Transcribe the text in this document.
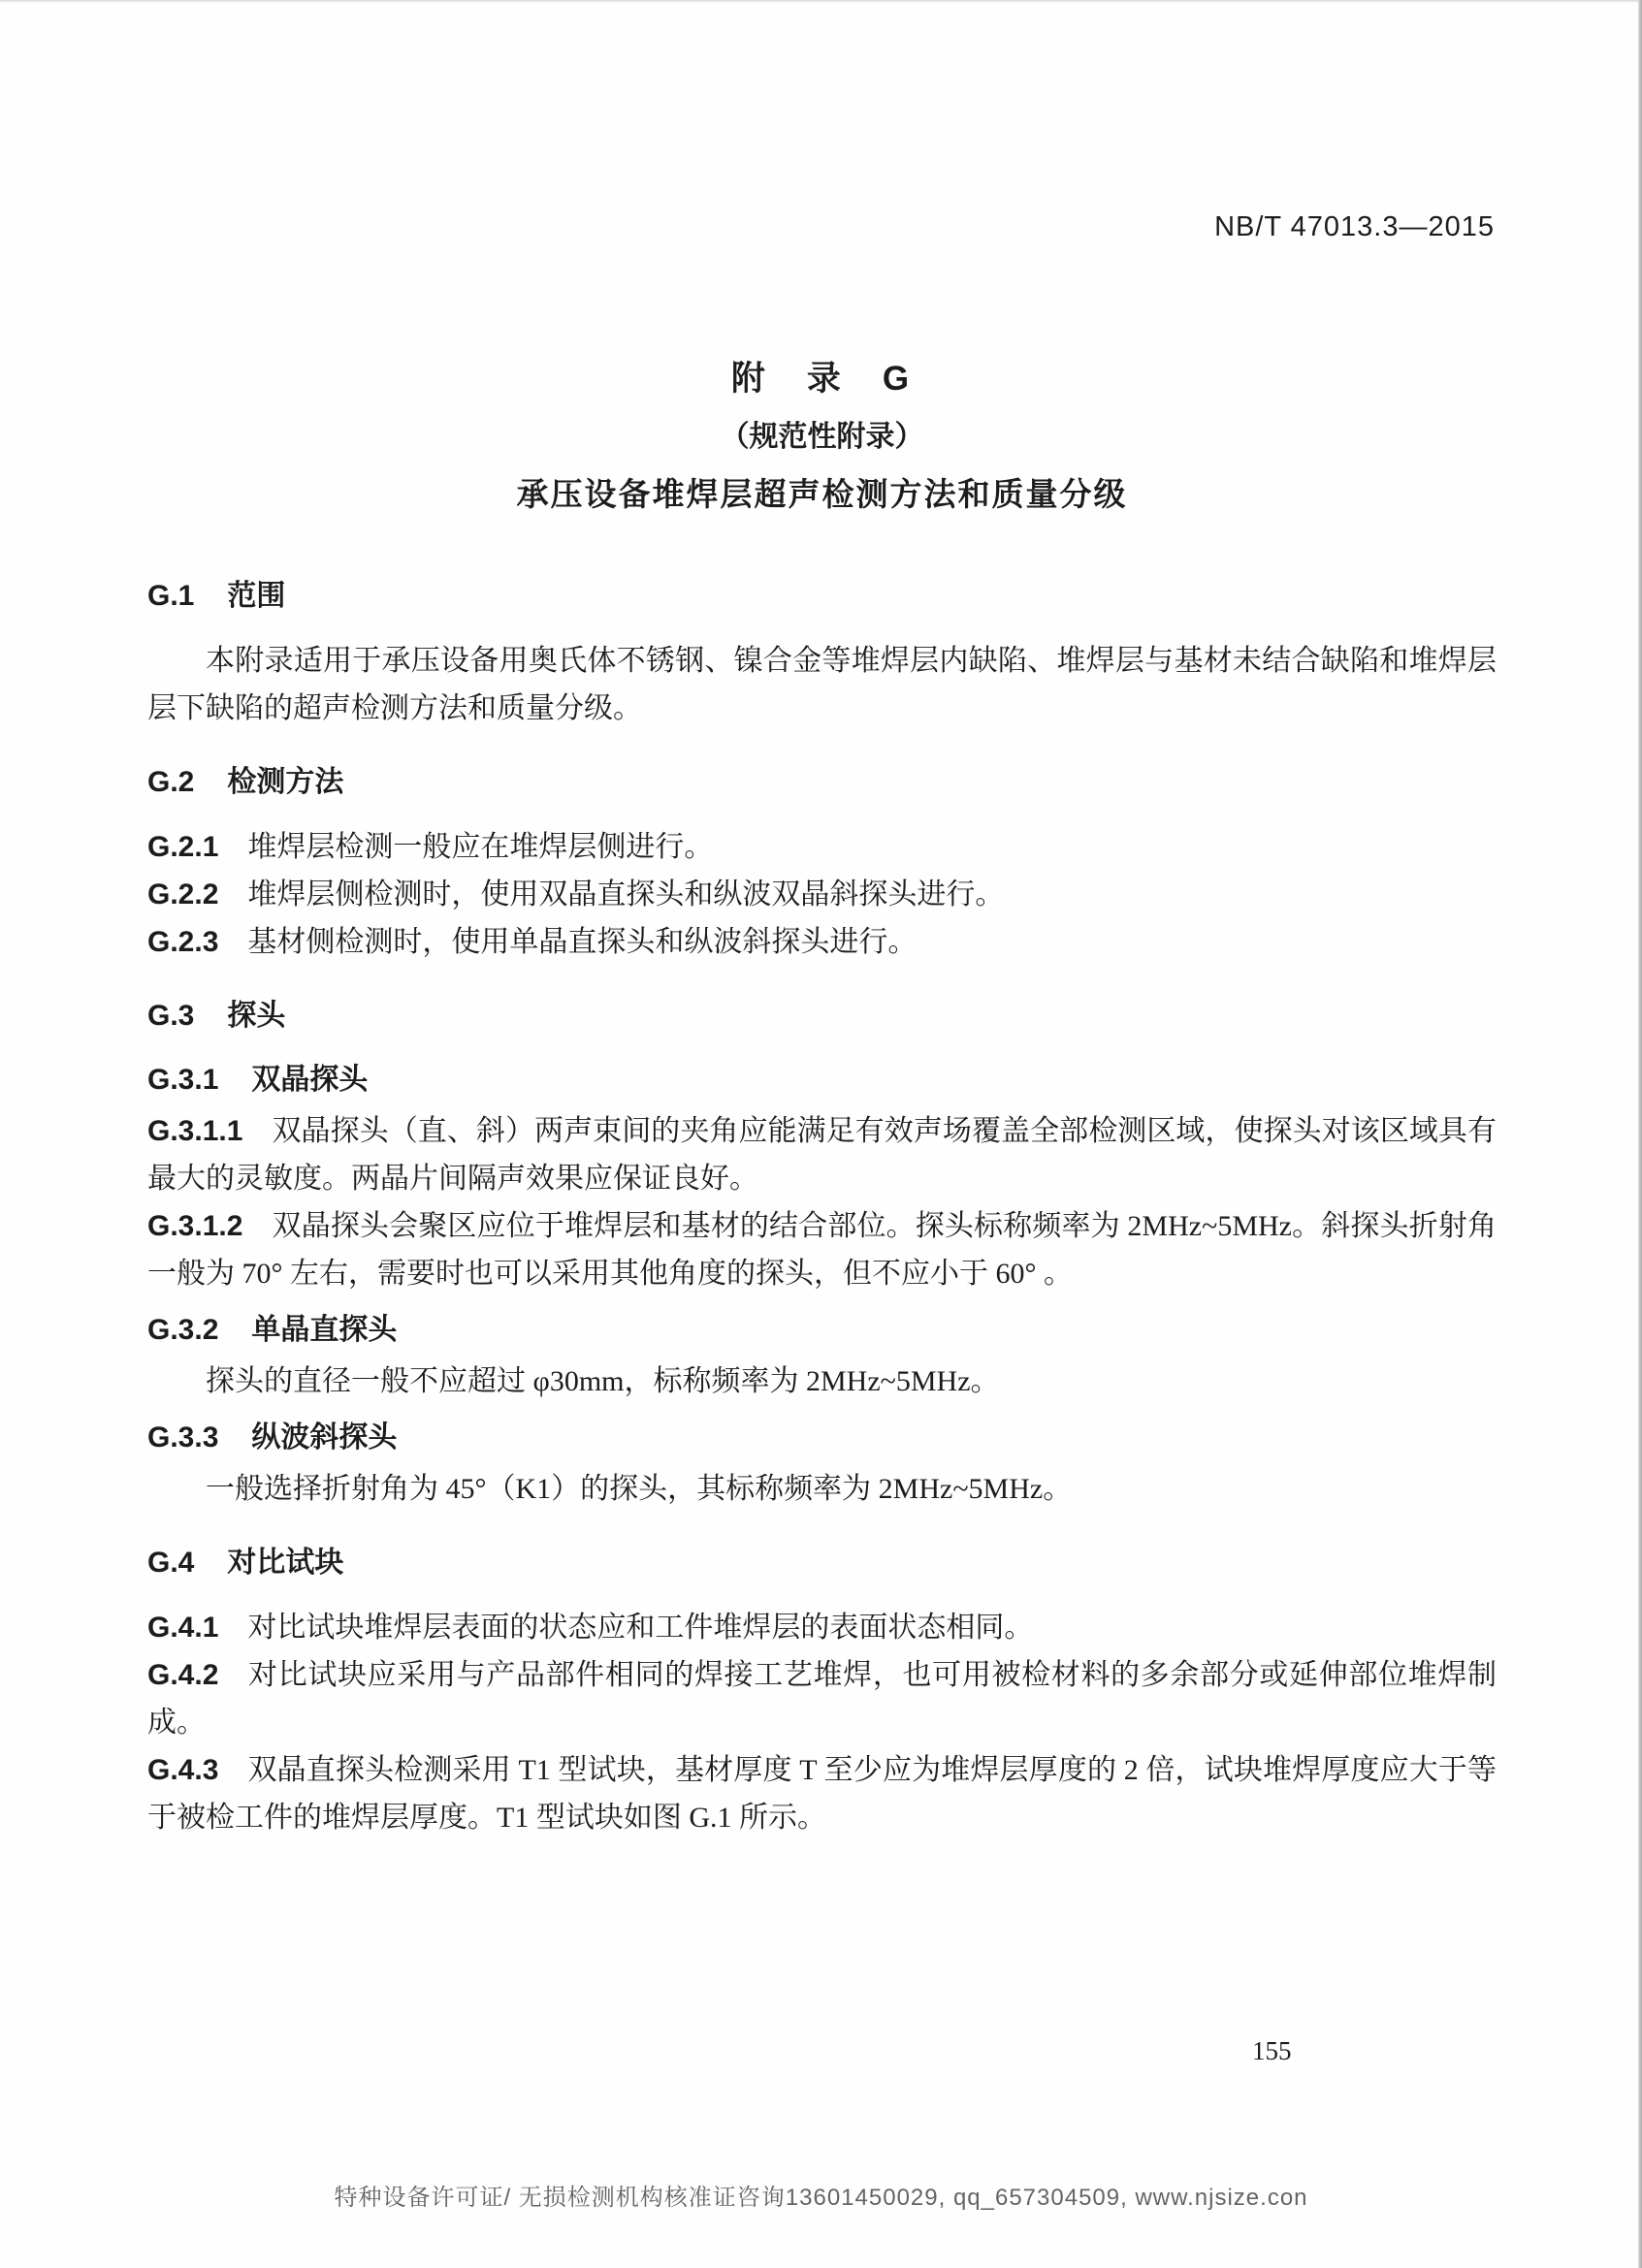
NB/T 47013.3—2015
附　录　G
（规范性附录）
承压设备堆焊层超声检测方法和质量分级
G.1 范围

本附录适用于承压设备用奥氏体不锈钢、镍合金等堆焊层内缺陷、堆焊层与基材未结合缺陷和堆焊层层下缺陷的超声检测方法和质量分级。

G.2 检测方法

G.2.1 堆焊层检测一般应在堆焊层侧进行。

G.2.2 堆焊层侧检测时，使用双晶直探头和纵波双晶斜探头进行。

G.2.3 基材侧检测时，使用单晶直探头和纵波斜探头进行。

G.3 探头
G.3.1 双晶探头

G.3.1.1 双晶探头（直、斜）两声束间的夹角应能满足有效声场覆盖全部检测区域，使探头对该区域具有最大的灵敏度。两晶片间隔声效果应保证良好。

G.3.1.2 双晶探头会聚区应位于堆焊层和基材的结合部位。探头标称频率为 2MHz~5MHz。斜探头折射角一般为 70° 左右，需要时也可以采用其他角度的探头，但不应小于 60° 。

G.3.2 单晶直探头

探头的直径一般不应超过 φ30mm，标称频率为 2MHz~5MHz。

G.3.3 纵波斜探头

一般选择折射角为 45°（K1）的探头，其标称频率为 2MHz~5MHz。

G.4 对比试块

G.4.1 对比试块堆焊层表面的状态应和工件堆焊层的表面状态相同。

G.4.2 对比试块应采用与产品部件相同的焊接工艺堆焊，也可用被检材料的多余部分或延伸部位堆焊制成。

G.4.3 双晶直探头检测采用 T1 型试块，基材厚度 T 至少应为堆焊层厚度的 2 倍，试块堆焊厚度应大于等于被检工件的堆焊层厚度。T1 型试块如图 G.1 所示。

155
特种设备许可证/ 无损检测机构核准证咨询13601450029, qq_657304509, www.njsize.con
